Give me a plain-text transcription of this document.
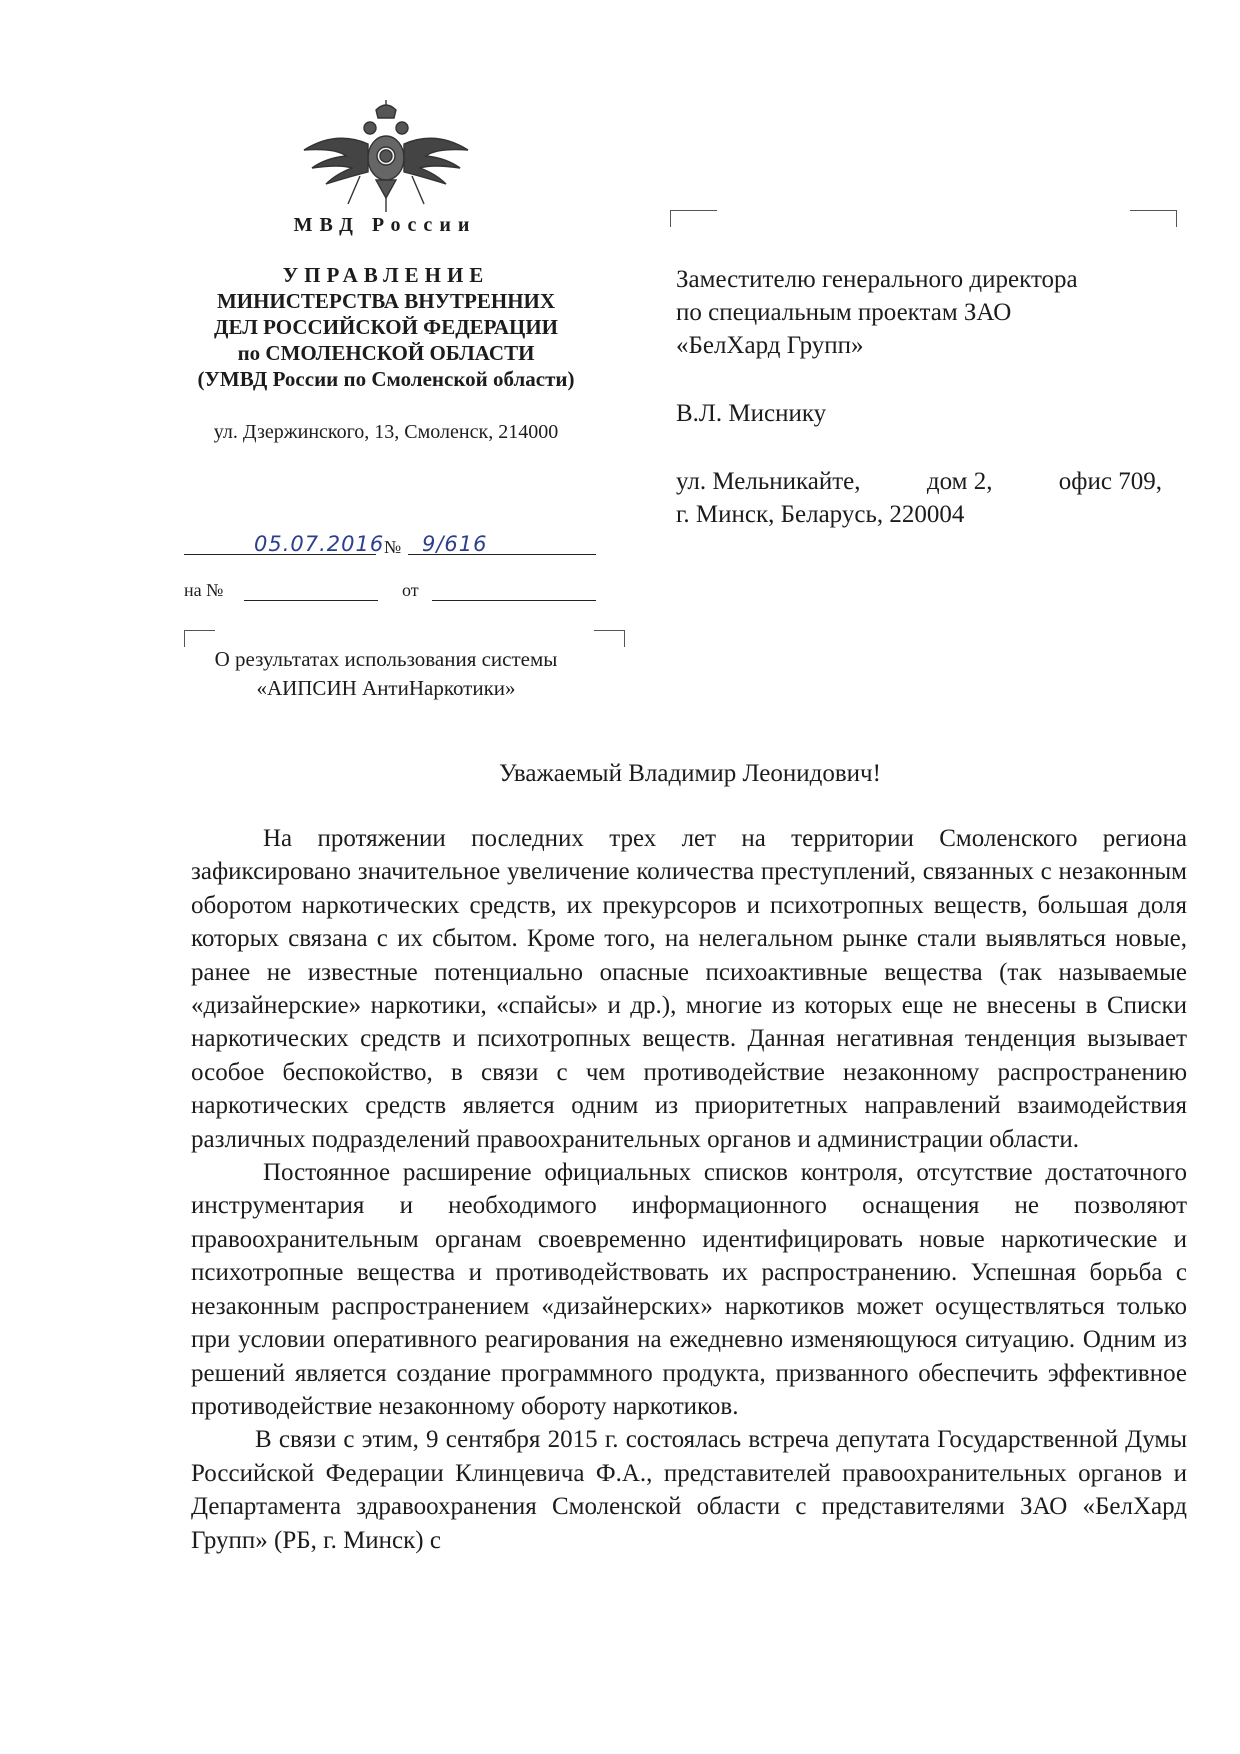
МВД России
УПРАВЛЕНИЕ
МИНИСТЕРСТВА ВНУТРЕННИХ
ДЕЛ РОССИЙСКОЙ ФЕДЕРАЦИИ
по СМОЛЕНСКОЙ ОБЛАСТИ
(УМВД России по Смоленской области)
ул. Дзержинского, 13, Смоленск, 214000
05.07.2016 № 9/616
на №	от
О результатах использования системы
«АИПСИН АнтиНаркотики»
Заместителю генерального директора
по специальным проектам ЗАО
«БелХард Групп»
В.Л. Миснику
ул. Мельникайте,	дом 2,	офис 709,
г. Минск, Беларусь, 220004
Уважаемый Владимир Леонидович!

На протяжении последних трех лет на территории Смоленского региона зафиксировано значительное увеличение количества преступлений, связанных с незаконным оборотом наркотических средств, их прекурсоров и психотропных веществ, большая доля которых связана с их сбытом. Кроме того, на нелегальном рынке стали выявляться новые, ранее не известные потенциально опасные психоактивные вещества (так называемые «дизайнерские» наркотики, «спайсы» и др.), многие из которых еще не внесены в Списки наркотических средств и психотропных веществ. Данная негативная тенденция вызывает особое беспокойство, в связи с чем противодействие незаконному распространению наркотических средств является одним из приоритетных направлений взаимодействия различных подразделений правоохранительных органов и администрации области.

Постоянное расширение официальных списков контроля, отсутствие достаточного инструментария и необходимого информационного оснащения не позволяют правоохранительным органам своевременно идентифицировать новые наркотические и психотропные вещества и противодействовать их распространению. Успешная борьба с незаконным распространением «дизайнерских» наркотиков может осуществляться только при условии оперативного реагирования на ежедневно изменяющуюся ситуацию. Одним из решений является создание программного продукта, призванного обеспечить эффективное противодействие незаконному обороту наркотиков.

В связи с этим, 9 сентября 2015 г. состоялась встреча депутата Государственной Думы Российской Федерации Клинцевича Ф.А., представителей правоохранительных органов и Департамента здравоохранения Смоленской области с представителями ЗАО «БелХард Групп» (РБ, г. Минск) с
